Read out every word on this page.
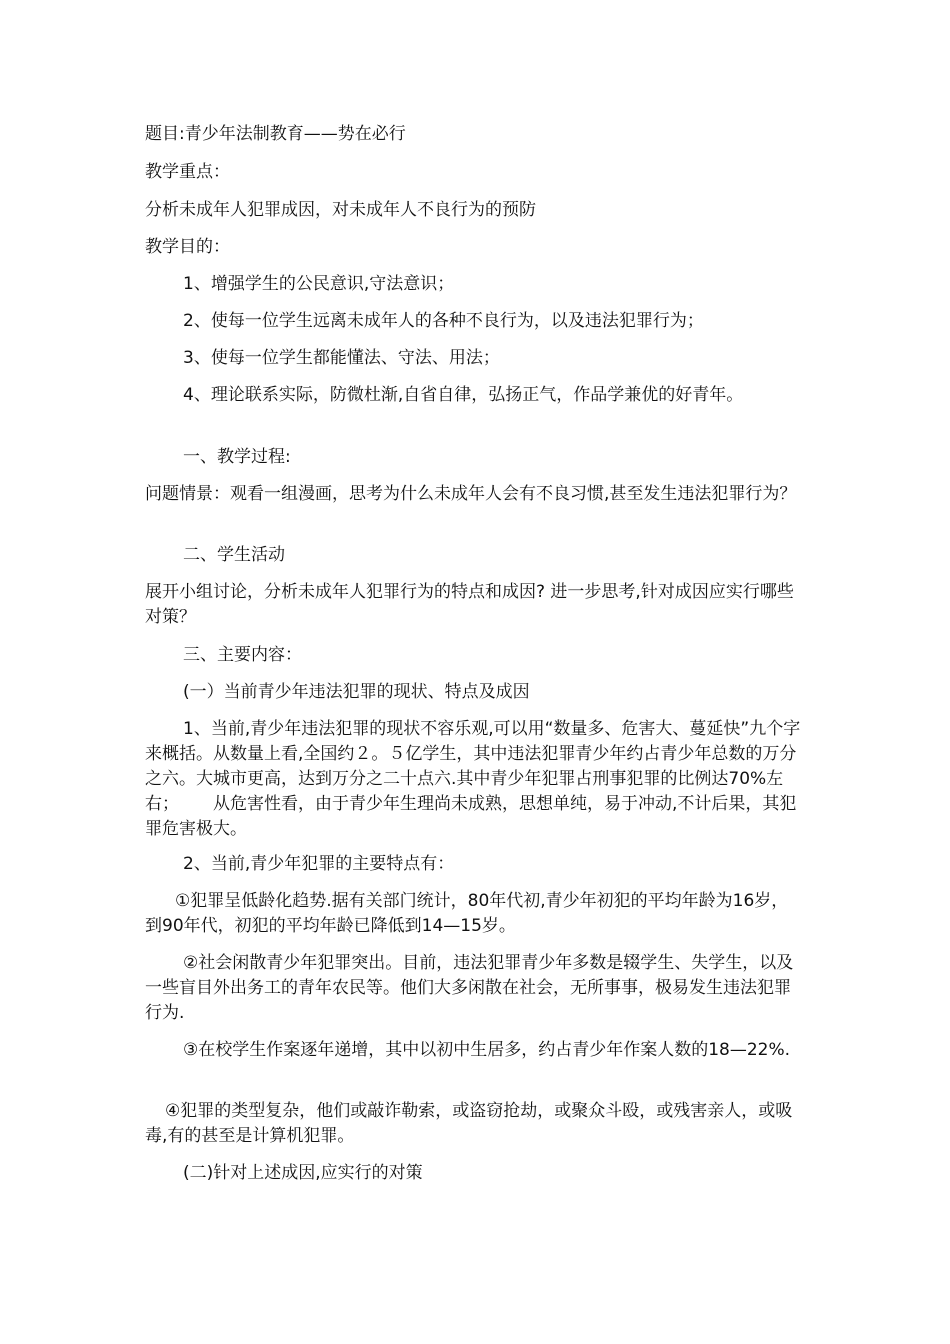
题目:青少年法制教育——势在必行

教学重点：

分析未成年人犯罪成因，对未成年人不良行为的预防

教学目的：

1、增强学生的公民意识,守法意识；

2、使每一位学生远离未成年人的各种不良行为，以及违法犯罪行为；

3、使每一位学生都能懂法、守法、用法；

4、理论联系实际，防微杜渐,自省自律，弘扬正气，作品学兼优的好青年。

一、教学过程:

问题情景：观看一组漫画，思考为什么未成年人会有不良习惯,甚至发生违法犯罪行为？

二、学生活动

展开小组讨论，分析未成年人犯罪行为的特点和成因? 进一步思考,针对成因应实行哪些对策？

三、主要内容：

(一）当前青少年违法犯罪的现状、特点及成因

1、当前,青少年违法犯罪的现状不容乐观,可以用“数量多、危害大、蔓延快”九个字来概括。从数量上看,全国约２。５亿学生，其中违法犯罪青少年约占青少年总数的万分之六。大城市更高，达到万分之二十点六.其中青少年犯罪占刑事犯罪的比例达70%左右；  从危害性看，由于青少年生理尚未成熟，思想单纯，易于冲动,不计后果，其犯罪危害极大。

2、当前,青少年犯罪的主要特点有：

①犯罪呈低龄化趋势.据有关部门统计，80年代初,青少年初犯的平均年龄为16岁，到90年代，初犯的平均年龄已降低到14—15岁。

②社会闲散青少年犯罪突出。目前，违法犯罪青少年多数是辍学生、失学生，以及一些盲目外出务工的青年农民等。他们大多闲散在社会，无所事事，极易发生违法犯罪行为.

③在校学生作案逐年递增，其中以初中生居多，约占青少年作案人数的18—22%.

④犯罪的类型复杂，他们或敲诈勒索，或盗窃抢劫，或聚众斗殴，或残害亲人，或吸毒,有的甚至是计算机犯罪。

(二)针对上述成因,应实行的对策
